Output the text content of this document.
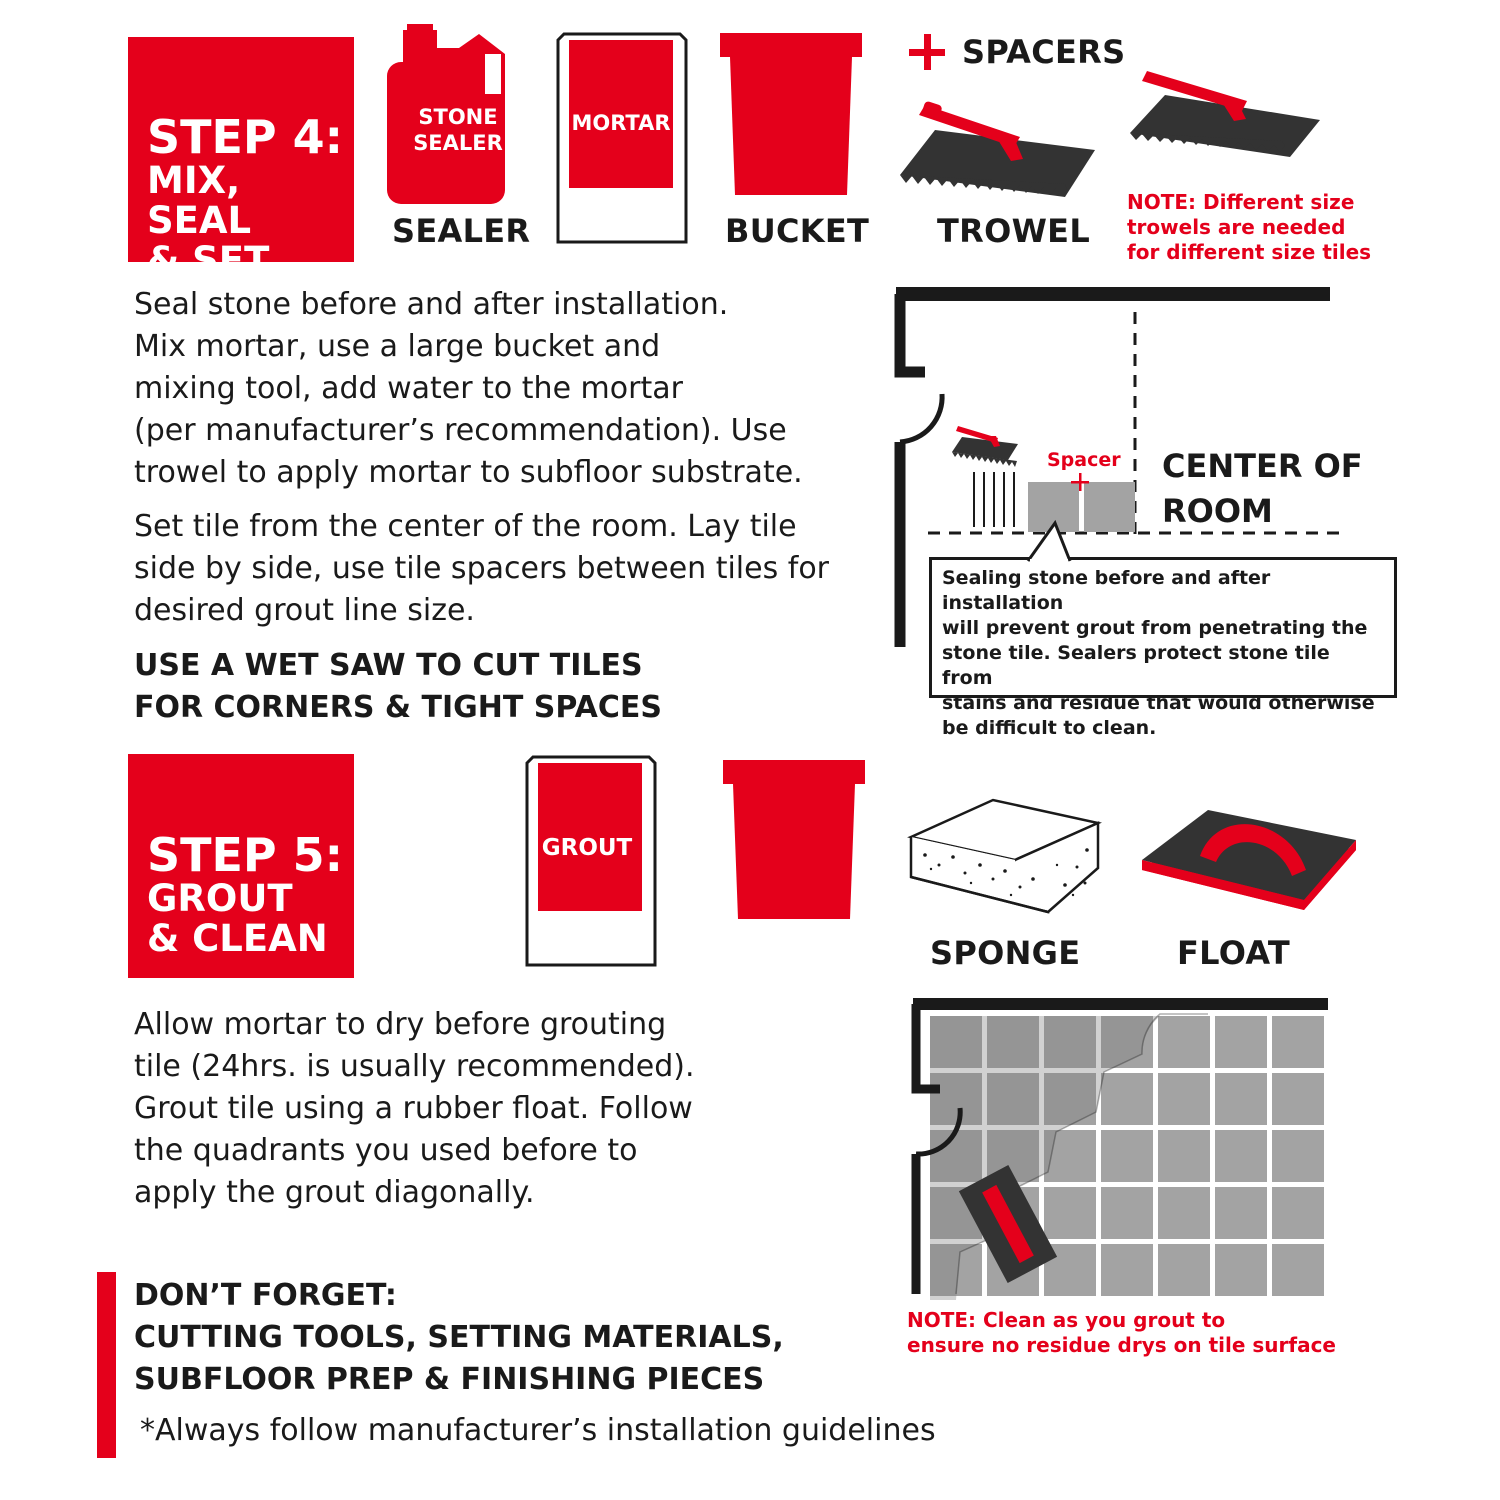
STEP 4:
MIX, SEAL
& SET
STONE
SEALER
SEALER
MORTAR
BUCKET
SPACERS
TROWEL
NOTE: Different size
trowels are needed
for different size tiles

Seal stone before and after installation.

Mix mortar, use a large bucket and

mixing tool, add water to the mortar

(per manufacturer’s recommendation). Use

trowel to apply mortar to subfloor substrate.

Set tile from the center of the room. Lay tile

side by side, use tile spacers between tiles for

desired grout line size.

USE A WET SAW TO CUT TILES
FOR CORNERS & TIGHT SPACES
Spacer CENTER OF
ROOM
Sealing stone before and after installation
will prevent grout from penetrating the
stone tile. Sealers protect stone tile from
stains and residue that would otherwise
be difficult to clean.
STEP 5:
GROUT
& CLEAN
GROUT
SPONGE	FLOAT

Allow mortar to dry before grouting

tile (24hrs. is usually recommended).

Grout tile using a rubber float. Follow

the quadrants you used before to

apply the grout diagonally.

NOTE: Clean as you grout to
ensure no residue drys on tile surface
DON’T FORGET:
CUTTING TOOLS, SETTING MATERIALS,
SUBFLOOR PREP & FINISHING PIECES
*Always follow manufacturer’s installation guidelines
